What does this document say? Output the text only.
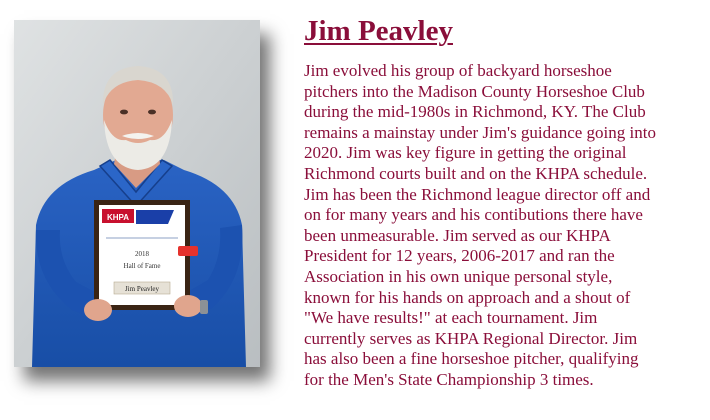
KHPA
2018
Hall of Fame
Jim Peavley
Jim Peavley

Jim evolved his group of backyard horseshoe
pitchers into the Madison County Horseshoe Club
during the mid-1980s in Richmond, KY. The Club
remains a mainstay under Jim's guidance going into
2020. Jim was key figure in getting the original
Richmond courts built and on the KHPA schedule.
Jim has been the Richmond league director off and
on for many years and his contibutions there have
been unmeasurable. Jim served as our KHPA
President for 12 years, 2006-2017 and ran the
Association in his own unique personal style,
known for his hands on approach and a shout of
"We have results!" at each tournament. Jim
currently serves as KHPA Regional Director. Jim
has also been a fine horseshoe pitcher, qualifying
for the Men's State Championship 3 times.
